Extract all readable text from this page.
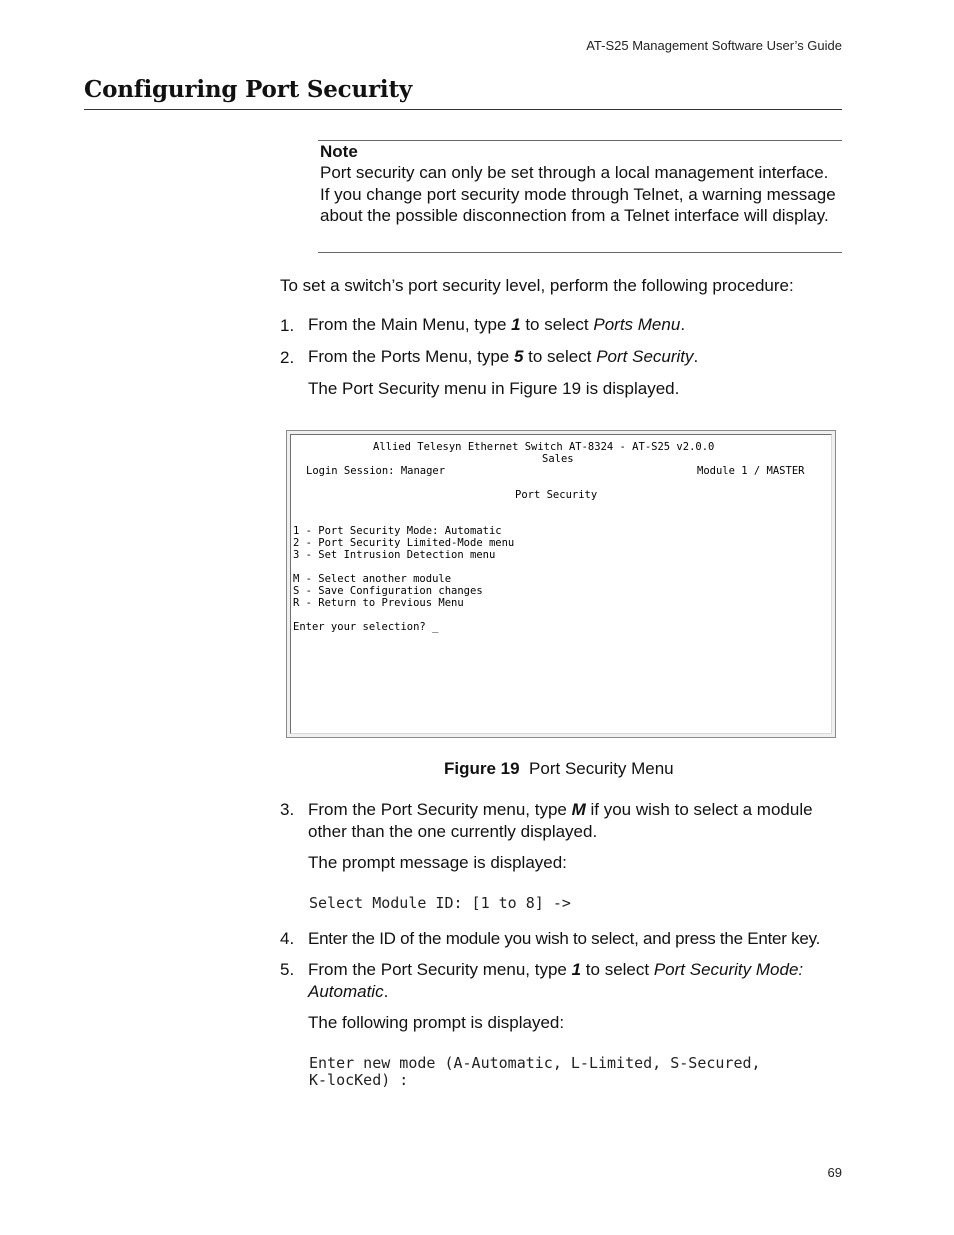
AT-S25 Management Software User’s Guide
Configuring Port Security
Note
Port security can only be set through a local management interface. If you change port security mode through Telnet, a warning message about the possible disconnection from a Telnet interface will display.
To set a switch’s port security level, perform the following procedure:
1. From the Main Menu, type 1 to select Ports Menu.
2. From the Ports Menu, type 5 to select Port Security.
The Port Security menu in Figure 19 is displayed.
Allied Telesyn Ethernet Switch AT-8324 - AT-S25 v2.0.0
Sales
Login Session: Manager	Module 1 / MASTER
Port Security
1 - Port Security Mode: Automatic
2 - Port Security Limited-Mode menu
3 - Set Intrusion Detection menu
M - Select another module
S - Save Configuration changes
R - Return to Previous Menu
Enter your selection? _
Figure 19 Port Security Menu
3. From the Port Security menu, type M if you wish to select a module other than the one currently displayed.
The prompt message is displayed:
Select Module ID: [1 to 8] ->
4. Enter the ID of the module you wish to select, and press the Enter key.
5. From the Port Security menu, type 1 to select Port Security Mode: Automatic.
The following prompt is displayed:
Enter new mode (A-Automatic, L-Limited, S-Secured,
K-locKed) :
69
